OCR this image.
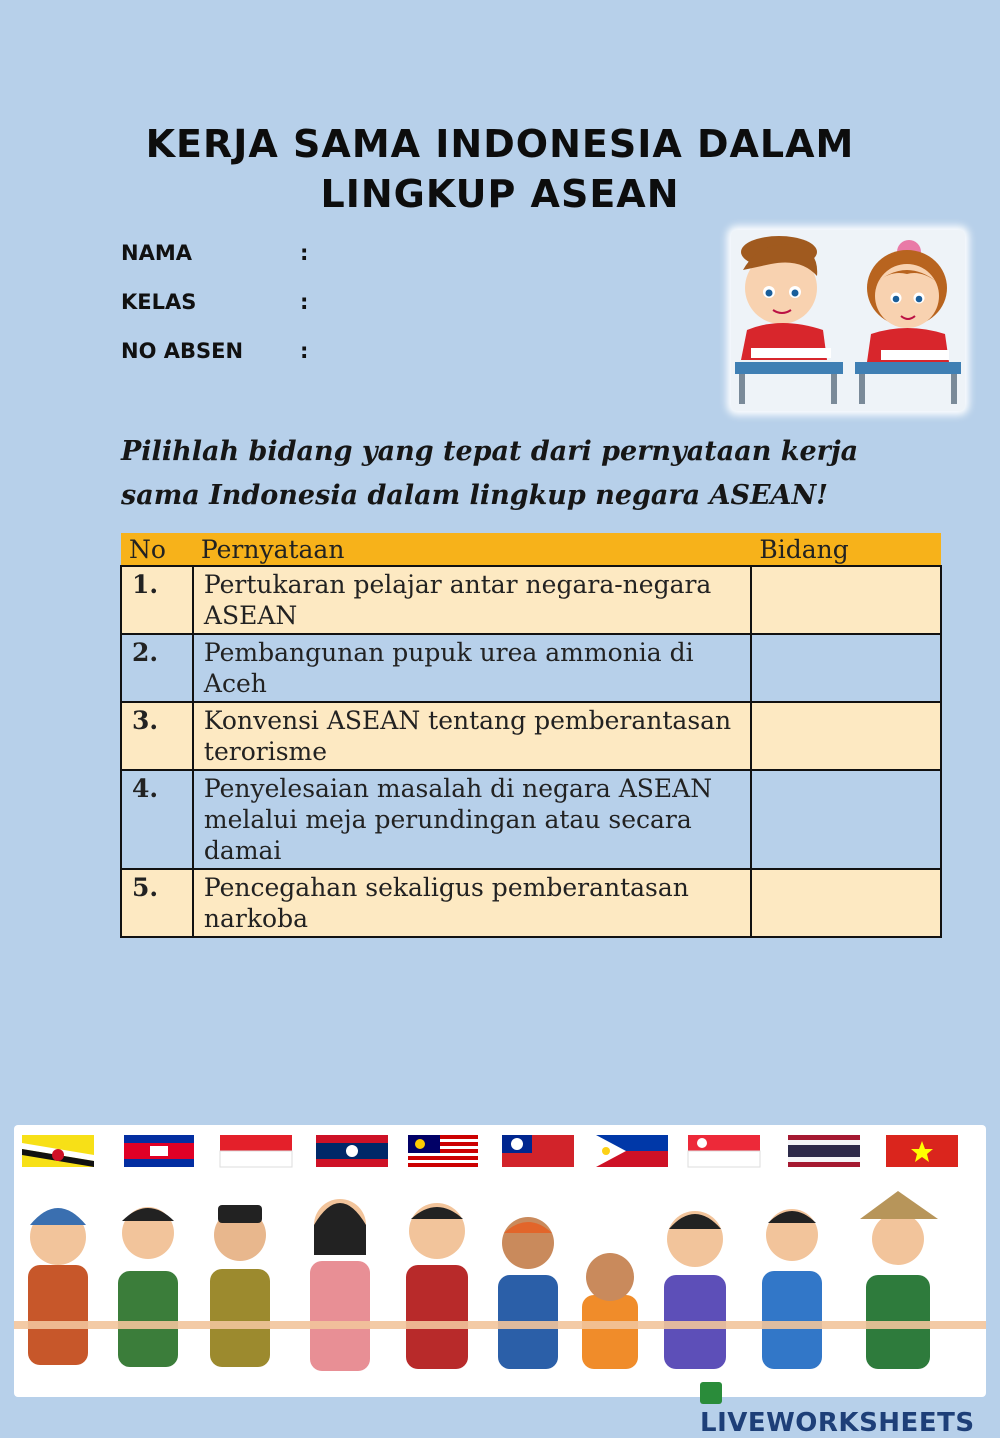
KERJA SAMA INDONESIA DALAM
LINGKUP ASEAN
NAMA	:
KELAS	:
NO ABSEN	:
Pilihlah bidang yang tepat dari pernyataan kerja sama Indonesia dalam lingkup negara ASEAN!
No	Pernyataan	Bidang
1.	Pertukaran pelajar antar negara-negara ASEAN	
2.	Pembangunan pupuk urea ammonia di Aceh	
3.	Konvensi ASEAN tentang pemberantasan terorisme	
4.	Penyelesaian masalah di negara ASEAN melalui meja perundingan atau secara damai	
5.	Pencegahan sekaligus pemberantasan narkoba	
LIVEWORKSHEETS
